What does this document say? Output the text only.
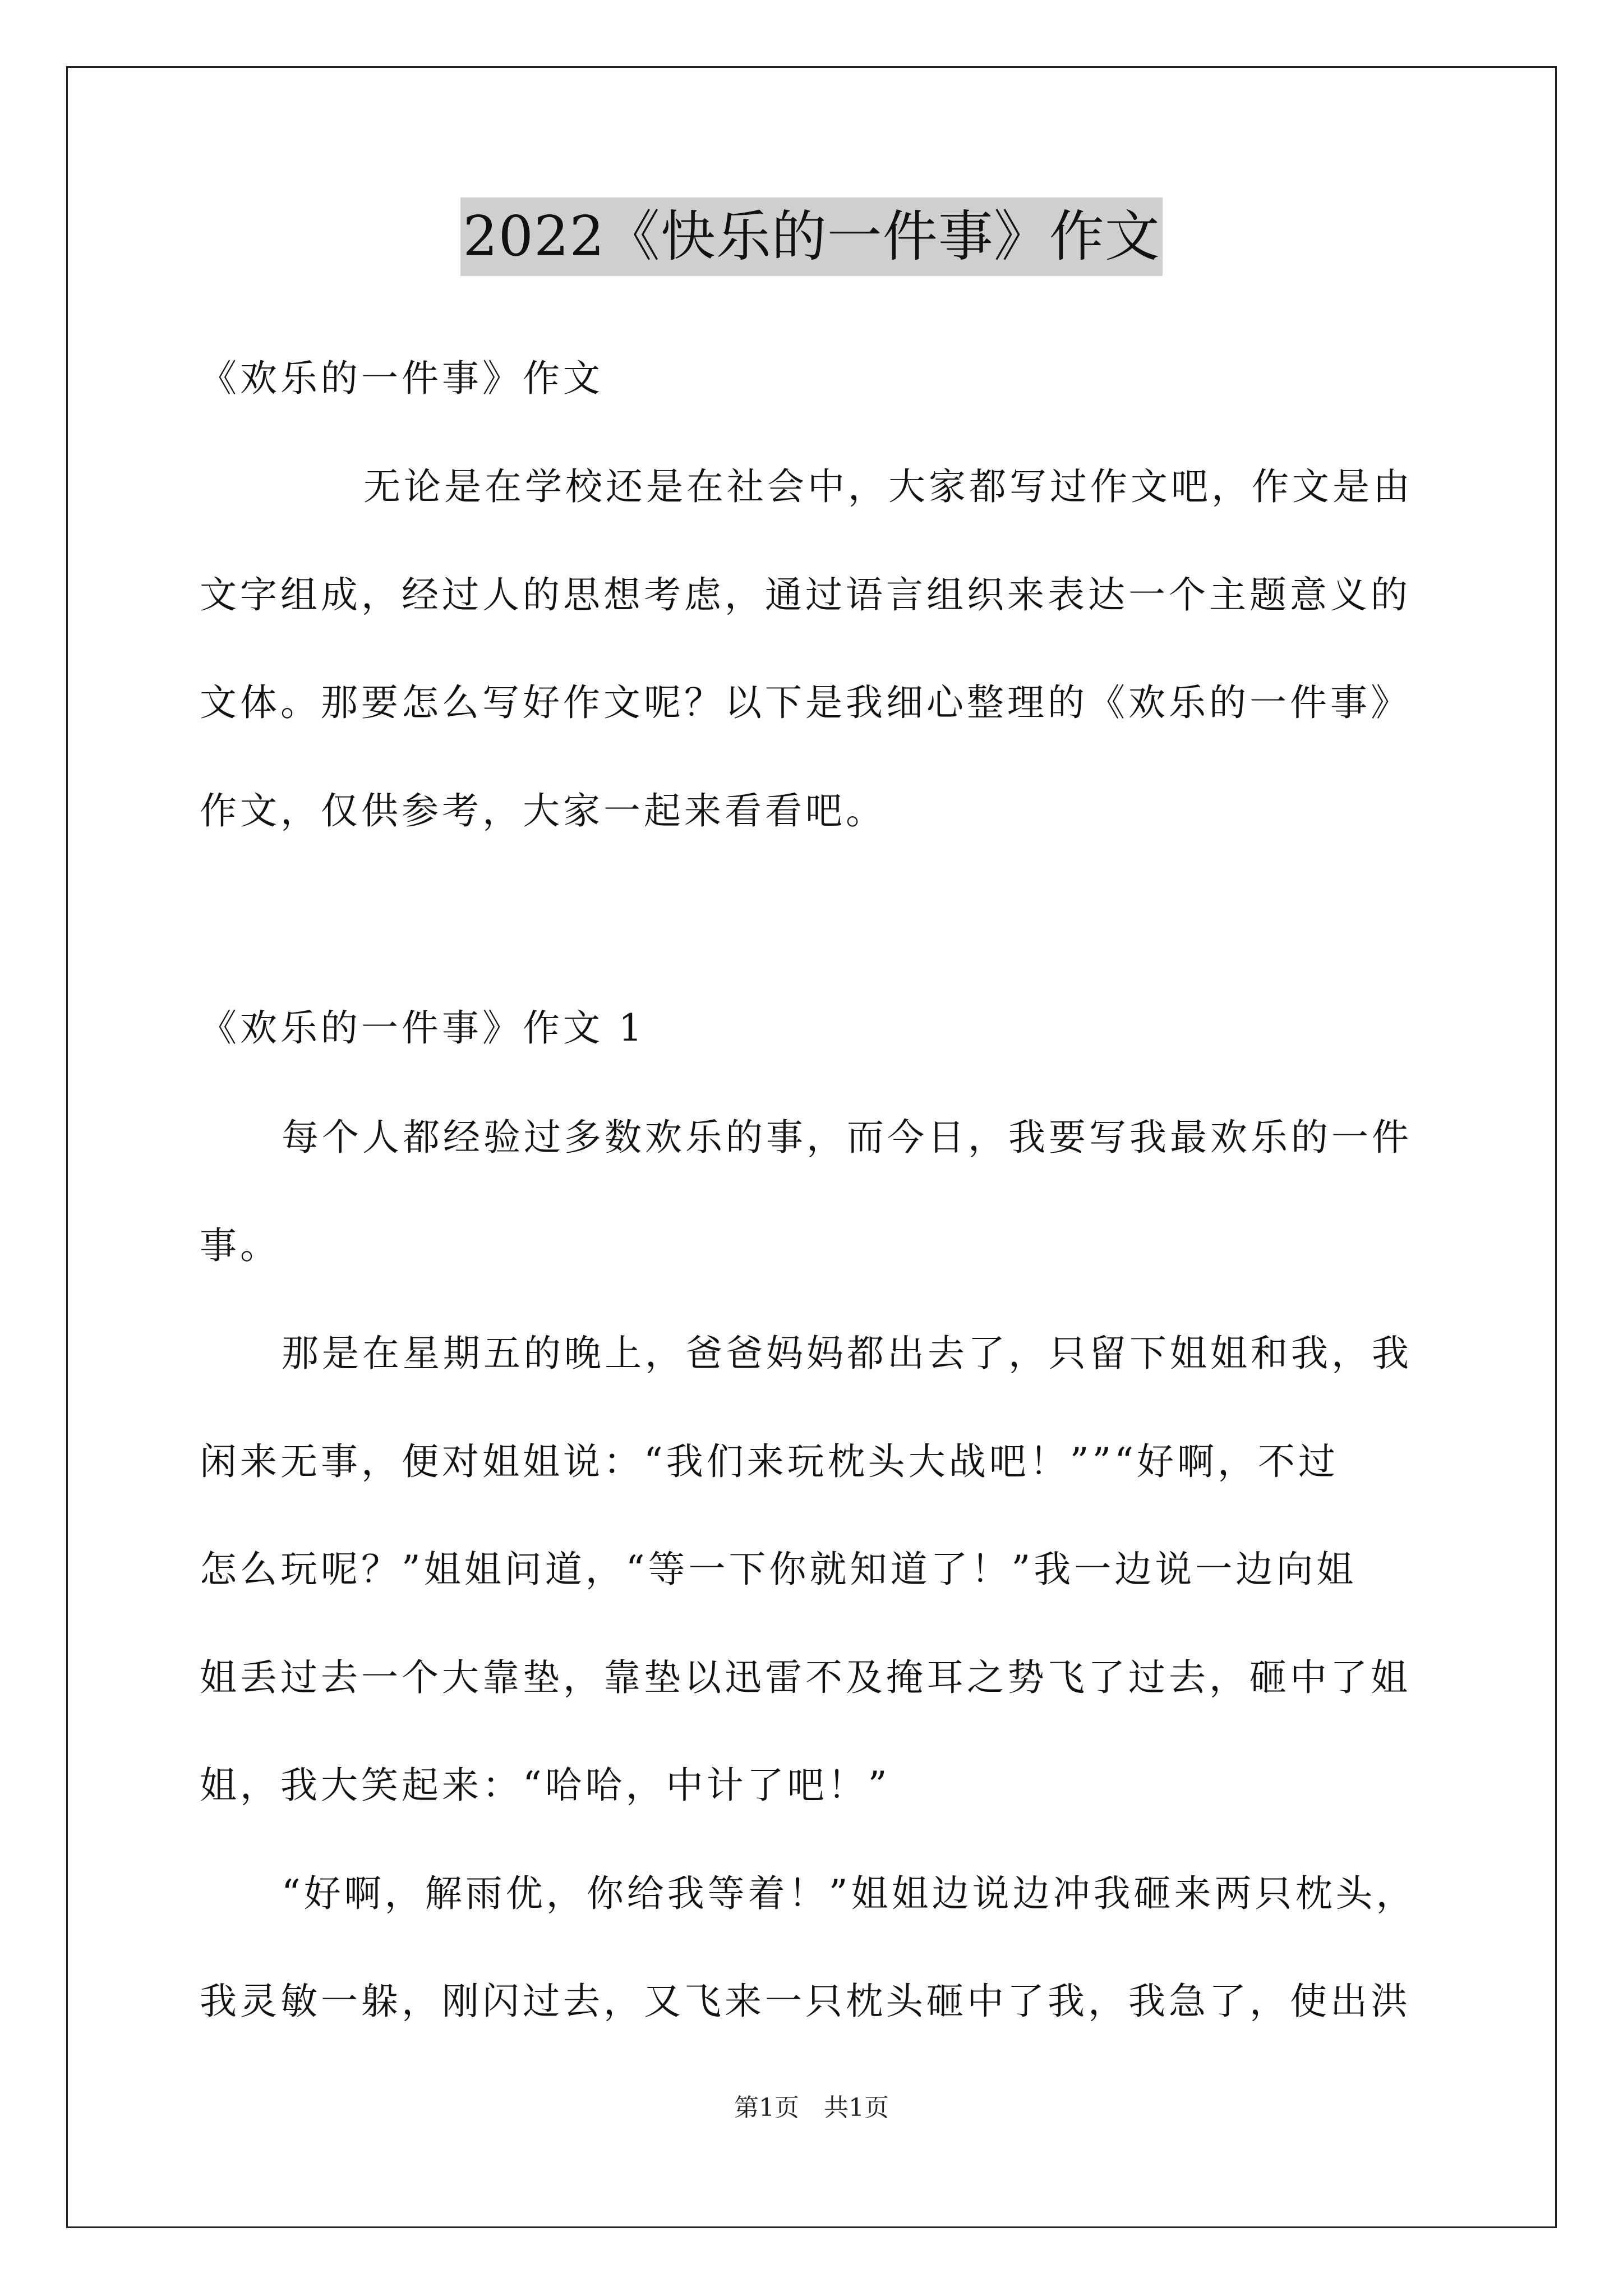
2022《快乐的一件事》作文
《欢乐的一件事》作文
无论是在学校还是在社会中，大家都写过作文吧，作文是由
文字组成，经过人的思想考虑，通过语言组织来表达一个主题意义的
文体。那要怎么写好作文呢？以下是我细心整理的《欢乐的一件事》
作文，仅供参考，大家一起来看看吧。
《欢乐的一件事》作文 1
每个人都经验过多数欢乐的事，而今日，我要写我最欢乐的一件
事。
那是在星期五的晚上，爸爸妈妈都出去了，只留下姐姐和我，我
闲来无事，便对姐姐说：“我们来玩枕头大战吧！””“好啊，不过
怎么玩呢？”姐姐问道，“等一下你就知道了！”我一边说一边向姐
姐丢过去一个大靠垫，靠垫以迅雷不及掩耳之势飞了过去，砸中了姐
姐，我大笑起来：“哈哈，中计了吧！”
“好啊，解雨优，你给我等着！”姐姐边说边冲我砸来两只枕头，
我灵敏一躲，刚闪过去，又飞来一只枕头砸中了我，我急了，使出洪
第1页　共1页
